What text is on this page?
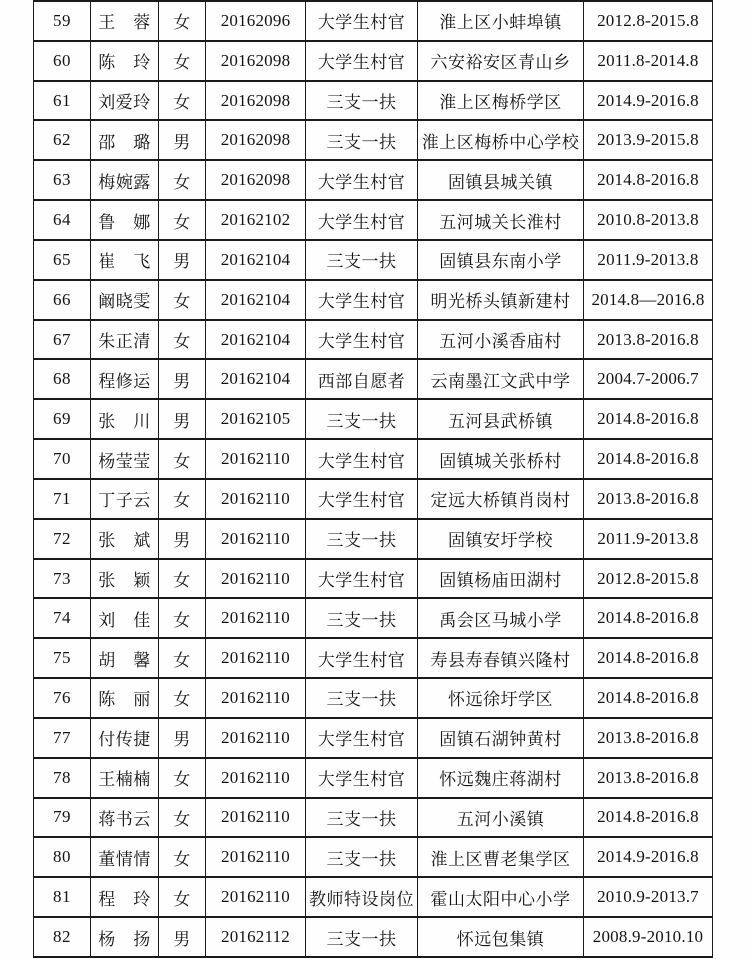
59	王　蓉	女	20162096	大学生村官	淮上区小蚌埠镇	2012.8-2015.8
60	陈　玲	女	20162098	大学生村官	六安裕安区青山乡	2011.8-2014.8
61	刘爱玲	女	20162098	三支一扶	淮上区梅桥学区	2014.9-2016.8
62	邵　璐	男	20162098	三支一扶	淮上区梅桥中心学校	2013.9-2015.8
63	梅婉露	女	20162098	大学生村官	固镇县城关镇	2014.8-2016.8
64	鲁　娜	女	20162102	大学生村官	五河城关长淮村	2010.8-2013.8
65	崔　飞	男	20162104	三支一扶	固镇县东南小学	2011.9-2013.8
66	阚晓雯	女	20162104	大学生村官	明光桥头镇新建村	2014.8—2016.8
67	朱正清	女	20162104	大学生村官	五河小溪香庙村	2013.8-2016.8
68	程修运	男	20162104	西部自愿者	云南墨江文武中学	2004.7-2006.7
69	张　川	男	20162105	三支一扶	五河县武桥镇	2014.8-2016.8
70	杨莹莹	女	20162110	大学生村官	固镇城关张桥村	2014.8-2016.8
71	丁子云	女	20162110	大学生村官	定远大桥镇肖岗村	2013.8-2016.8
72	张　斌	男	20162110	三支一扶	固镇安圩学校	2011.9-2013.8
73	张　颖	女	20162110	大学生村官	固镇杨庙田湖村	2012.8-2015.8
74	刘　佳	女	20162110	三支一扶	禹会区马城小学	2014.8-2016.8
75	胡　馨	女	20162110	大学生村官	寿县寿春镇兴隆村	2014.8-2016.8
76	陈　丽	女	20162110	三支一扶	怀远徐圩学区	2014.8-2016.8
77	付传捷	男	20162110	大学生村官	固镇石湖钟黄村	2013.8-2016.8
78	王楠楠	女	20162110	大学生村官	怀远魏庄蒋湖村	2013.8-2016.8
79	蒋书云	女	20162110	三支一扶	五河小溪镇	2014.8-2016.8
80	董情情	女	20162110	三支一扶	淮上区曹老集学区	2014.9-2016.8
81	程　玲	女	20162110	教师特设岗位	霍山太阳中心小学	2010.9-2013.7
82	杨　扬	男	20162112	三支一扶	怀远包集镇	2008.9-2010.10
